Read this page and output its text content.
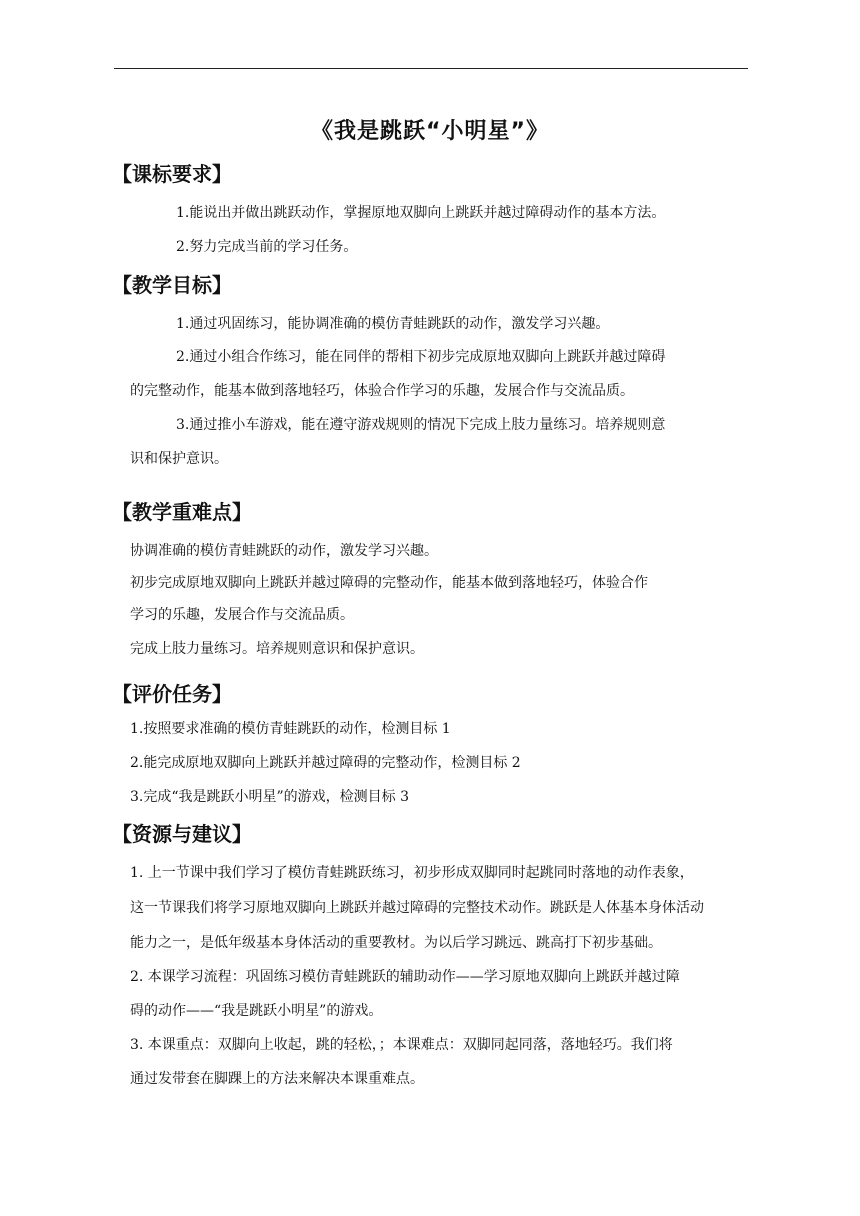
《我是跳跃“小明星”》
【课标要求】
1.能说出并做出跳跃动作，掌握原地双脚向上跳跃并越过障碍动作的基本方法。
2.努力完成当前的学习任务。
【教学目标】
1.通过巩固练习，能协调准确的模仿青蛙跳跃的动作，激发学习兴趣。
2.通过小组合作练习，能在同伴的帮相下初步完成原地双脚向上跳跃并越过障碍
的完整动作，能基本做到落地轻巧，体验合作学习的乐趣，发展合作与交流品质。
3.通过推小车游戏，能在遵守游戏规则的情况下完成上肢力量练习。培养规则意
识和保护意识。
【教学重难点】
协调准确的模仿青蛙跳跃的动作，激发学习兴趣。
初步完成原地双脚向上跳跃并越过障碍的完整动作，能基本做到落地轻巧，体验合作
学习的乐趣，发展合作与交流品质。
完成上肢力量练习。培养规则意识和保护意识。
【评价任务】
1.按照要求准确的模仿青蛙跳跃的动作，检测目标 1
2.能完成原地双脚向上跳跃并越过障碍的完整动作，检测目标 2
3.完成“我是跳跃小明星”的游戏，检测目标 3
【资源与建议】
1. 上一节课中我们学习了模仿青蛙跳跃练习，初步形成双脚同时起跳同时落地的动作表象，
这一节课我们将学习原地双脚向上跳跃并越过障碍的完整技术动作。跳跃是人体基本身体活动
能力之一，是低年级基本身体活动的重要教材。为以后学习跳远、跳高打下初步基础。
2. 本课学习流程：巩固练习模仿青蛙跳跃的辅助动作——学习原地双脚向上跳跃并越过障
碍的动作——“我是跳跃小明星”的游戏。
3. 本课重点：双脚向上收起，跳的轻松，；本课难点：双脚同起同落，落地轻巧。我们将
通过发带套在脚踝上的方法来解决本课重难点。
